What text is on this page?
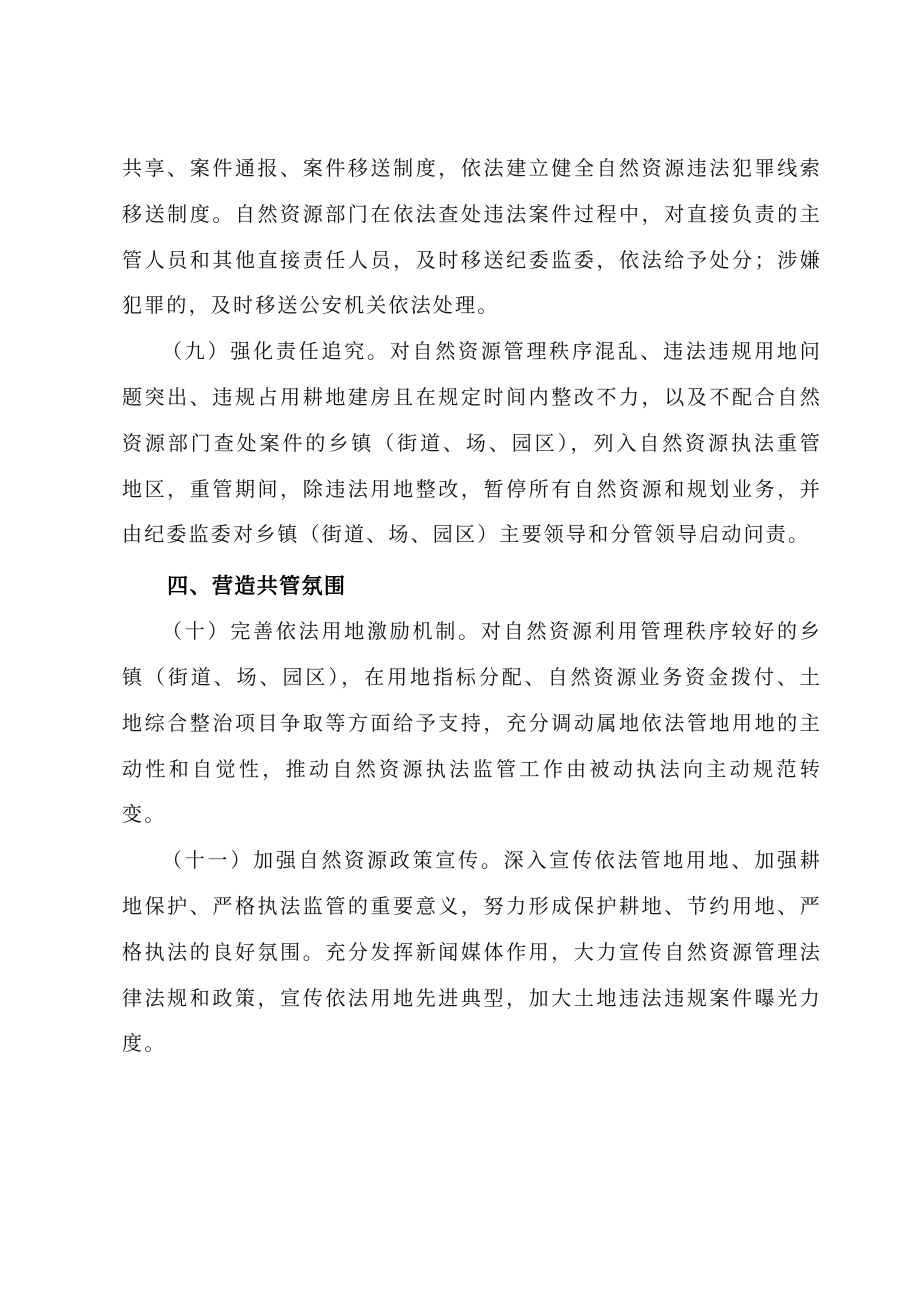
共享、案件通报、案件移送制度，依法建立健全自然资源违法犯罪线索移送制度。自然资源部门在依法查处违法案件过程中，对直接负责的主管人员和其他直接责任人员，及时移送纪委监委，依法给予处分；涉嫌犯罪的，及时移送公安机关依法处理。

（九）强化责任追究。对自然资源管理秩序混乱、违法违规用地问题突出、违规占用耕地建房且在规定时间内整改不力，以及不配合自然资源部门查处案件的乡镇（街道、场、园区），列入自然资源执法重管地区，重管期间，除违法用地整改，暂停所有自然资源和规划业务，并由纪委监委对乡镇（街道、场、园区）主要领导和分管领导启动问责。

四、营造共管氛围

（十）完善依法用地激励机制。对自然资源利用管理秩序较好的乡镇（街道、场、园区），在用地指标分配、自然资源业务资金拨付、土地综合整治项目争取等方面给予支持，充分调动属地依法管地用地的主动性和自觉性，推动自然资源执法监管工作由被动执法向主动规范转变。

（十一）加强自然资源政策宣传。深入宣传依法管地用地、加强耕地保护、严格执法监管的重要意义，努力形成保护耕地、节约用地、严格执法的良好氛围。充分发挥新闻媒体作用，大力宣传自然资源管理法律法规和政策，宣传依法用地先进典型，加大土地违法违规案件曝光力度。
